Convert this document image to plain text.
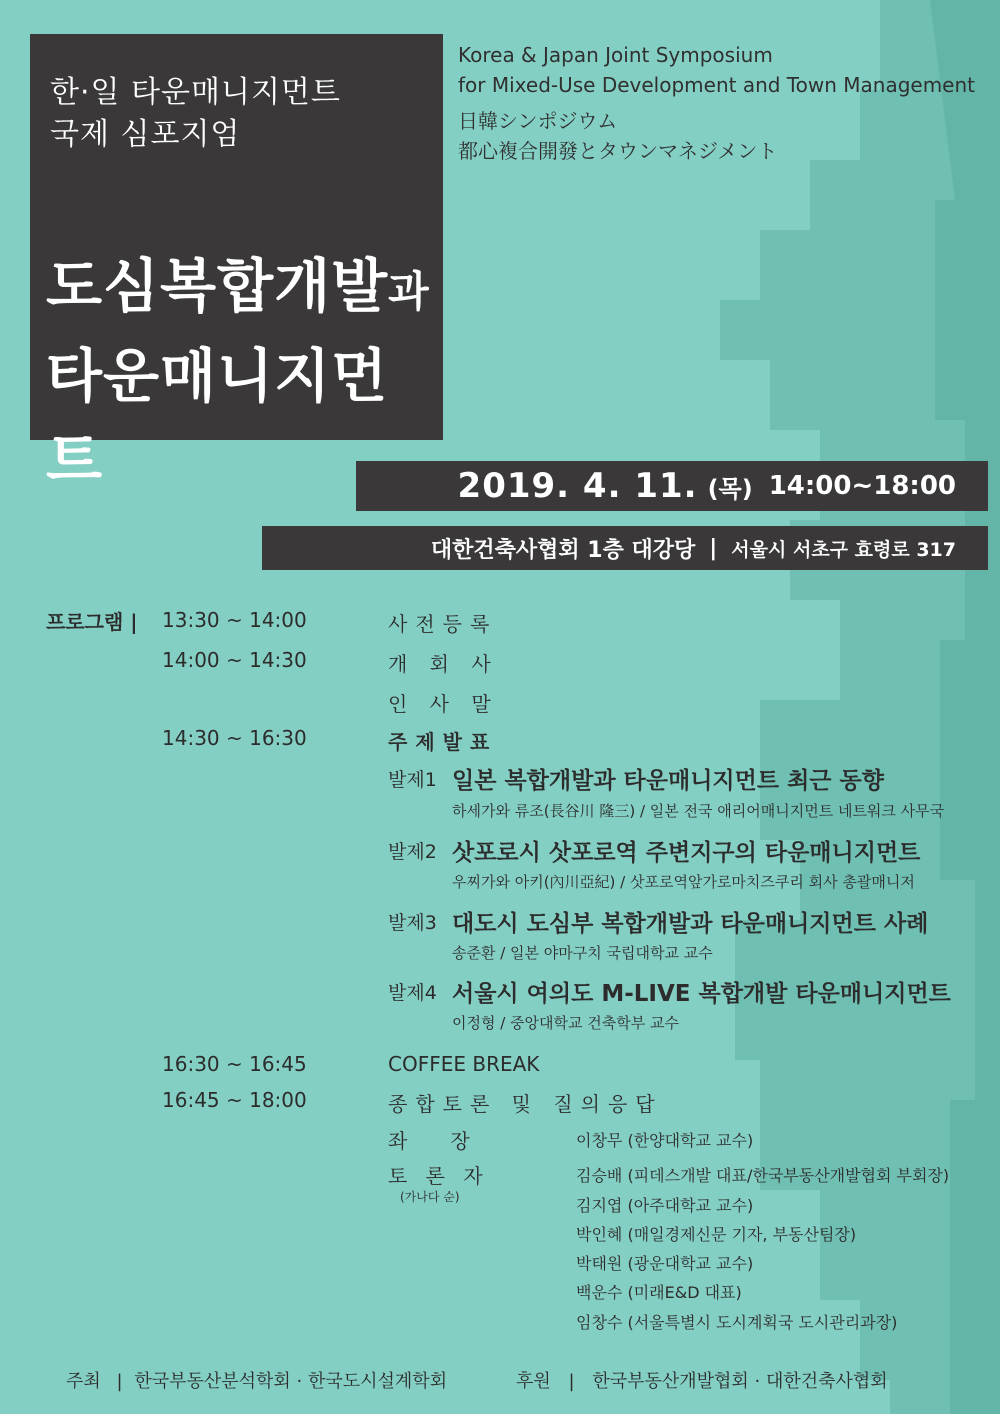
한·일 타운매니지먼트
국제 심포지엄
도심복합개발과
타운매니지먼트
Korea & Japan Joint Symposium
for Mixed-Use Development and Town Management
日韓シンポジウム
都心複合開發とタウンマネジメント
2019. 4. 11. (목) 14:00~18:00
대한건축사협회 1층 대강당 | 서울시 서초구 효령로 317
프로그램 | 13:30 ~ 14:00	사전등록
14:00 ~ 14:30	개 회 사
인 사 말
14:30 ~ 16:30	주제발표
발제1 일본 복합개발과 타운매니지먼트 최근 동향
하세가와 류조(長谷川 隆三) / 일본 전국 애리어매니지먼트 네트워크 사무국
발제2 삿포로시 삿포로역 주변지구의 타운매니지먼트
우찌가와 아키(內川亞紀) / 삿포로역앞가로마치즈쿠리 회사 총괄매니저
발제3 대도시 도심부 복합개발과 타운매니지먼트 사례
송준환 / 일본 야마구치 국립대학교 교수
발제4 서울시 여의도 M-LIVE 복합개발 타운매니지먼트
이정형 / 중앙대학교 건축학부 교수
16:30 ~ 16:45	COFFEE BREAK
16:45 ~ 18:00	종합토론 및 질의응답
좌   장	이창무 (한양대학교 교수)
토 론 자
(가나다 순)
김승배 (피데스개발 대표/한국부동산개발협회 부회장)
김지엽 (아주대학교 교수)
박인혜 (매일경제신문 기자, 부동산팀장)
박태원 (광운대학교 교수)
백운수 (미래E&D 대표)
임창수 (서울특별시 도시계획국 도시관리과장)
주최 | 한국부동산분석학회 · 한국도시설계학회	후원 | 한국부동산개발협회 · 대한건축사협회
